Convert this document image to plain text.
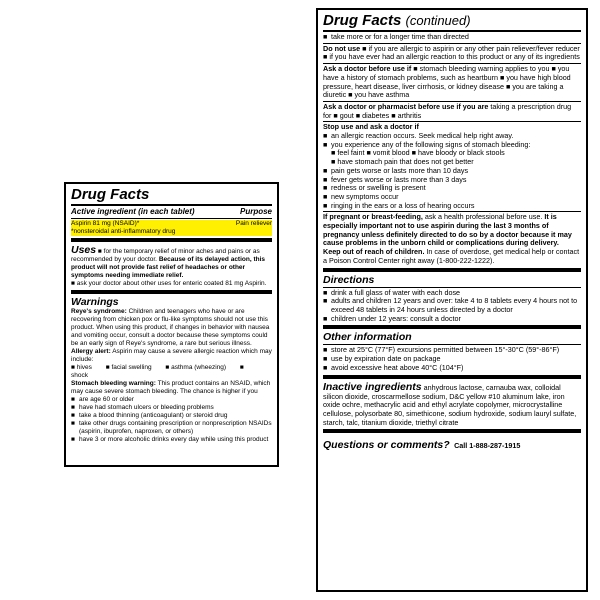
Drug Facts
Active ingredient (in each tablet)	Purpose
Aspirin 81 mg (NSAID)*	Pain reliever
*nonsteroidal anti-inflammatory drug
Uses ■ for the temporary relief of minor aches and pains or as recommended by your doctor. Because of its delayed action, this product will not provide fast relief of headaches or other symptoms needing immediate relief.
■ ask your doctor about other uses for enteric coated 81 mg Aspirin.
Warnings
Reye's syndrome: Children and teenagers who have or are recovering from chicken pox or flu-like symptoms should not use this product. When using this product, if changes in behavior with nausea and vomiting occur, consult a doctor because these symptoms could be an early sign of Reye's syndrome, a rare but serious illness.
Allergy alert: Aspirin may cause a severe allergic reaction which may include:
■ hives ■ facial swelling ■ asthma (wheezing) ■ shock
Stomach bleeding warning: This product contains an NSAID, which may cause severe stomach bleeding. The chance is higher if you
■ are age 60 or older
■ have had stomach ulcers or bleeding problems
■ take a blood thinning (anticoagulant) or steroid drug
■ take other drugs containing prescription or nonprescription NSAIDs (aspirin, ibuprofen, naproxen, or others)
■ have 3 or more alcoholic drinks every day while using this product
Drug Facts (continued)
■ take more or for a longer time than directed
Do not use ■ if you are allergic to aspirin or any other pain reliever/fever reducer ■ if you have ever had an allergic reaction to this product or any of its ingredients
Ask a doctor before use if ■ stomach bleeding warning applies to you ■ you have a history of stomach problems, such as heartburn ■ you have high blood pressure, heart disease, liver cirrhosis, or kidney disease ■ you are taking a diuretic ■ you have asthma
Ask a doctor or pharmacist before use if you are taking a prescription drug for ■ gout ■ diabetes ■ arthritis
Stop use and ask a doctor if
■ an allergic reaction occurs. Seek medical help right away.
■ you experience any of the following signs of stomach bleeding:
■ feel faint ■ vomit blood ■ have bloody or black stools
■ have stomach pain that does not get better
■ pain gets worse or lasts more than 10 days
■ fever gets worse or lasts more than 3 days
■ redness or swelling is present
■ new symptoms occur
■ ringing in the ears or a loss of hearing occurs
If pregnant or breast-feeding, ask a health professional before use. It is especially important not to use aspirin during the last 3 months of pregnancy unless definitely directed to do so by a doctor because it may cause problems in the unborn child or complications during delivery.
Keep out of reach of children. In case of overdose, get medical help or contact a Poison Control Center right away (1-800-222-1222).
Directions
■ drink a full glass of water with each dose
■ adults and children 12 years and over: take 4 to 8 tablets every 4 hours not to exceed 48 tablets in 24 hours unless directed by a doctor
■ children under 12 years: consult a doctor
Other information
■ store at 25°C (77°F) excursions permitted between 15°-30°C (59°-86°F)
■ use by expiration date on package
■ avoid excessive heat above 40°C (104°F)
Inactive ingredients anhydrous lactose, carnauba wax, colloidal silicon dioxide, croscarmellose sodium, D&C yellow #10 aluminum lake, iron oxide ochre, methacrylic acid and ethyl acrylate copolymer, microcrystalline cellulose, polysorbate 80, simethicone, sodium hydroxide, sodium lauryl sulfate, starch, talc, titanium dioxide, triethyl citrate
Questions or comments? Call 1-888-287-1915
